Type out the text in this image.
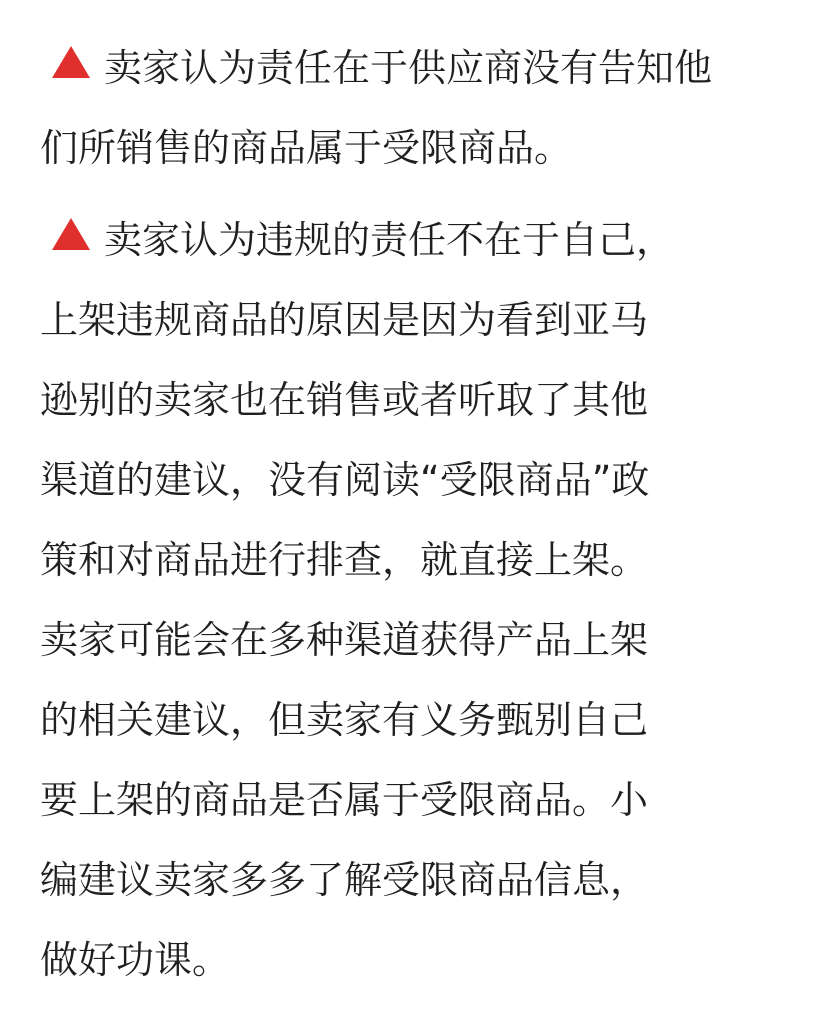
卖家认为责任在于供应商没有告知他
们所销售的商品属于受限商品。
卖家认为违规的责任不在于自己，
上架违规商品的原因是因为看到亚马
逊别的卖家也在销售或者听取了其他
渠道的建议，没有阅读“受限商品”政
策和对商品进行排查，就直接上架。
卖家可能会在多种渠道获得产品上架
的相关建议，但卖家有义务甄别自己
要上架的商品是否属于受限商品。小
编建议卖家多多了解受限商品信息，
做好功课。
